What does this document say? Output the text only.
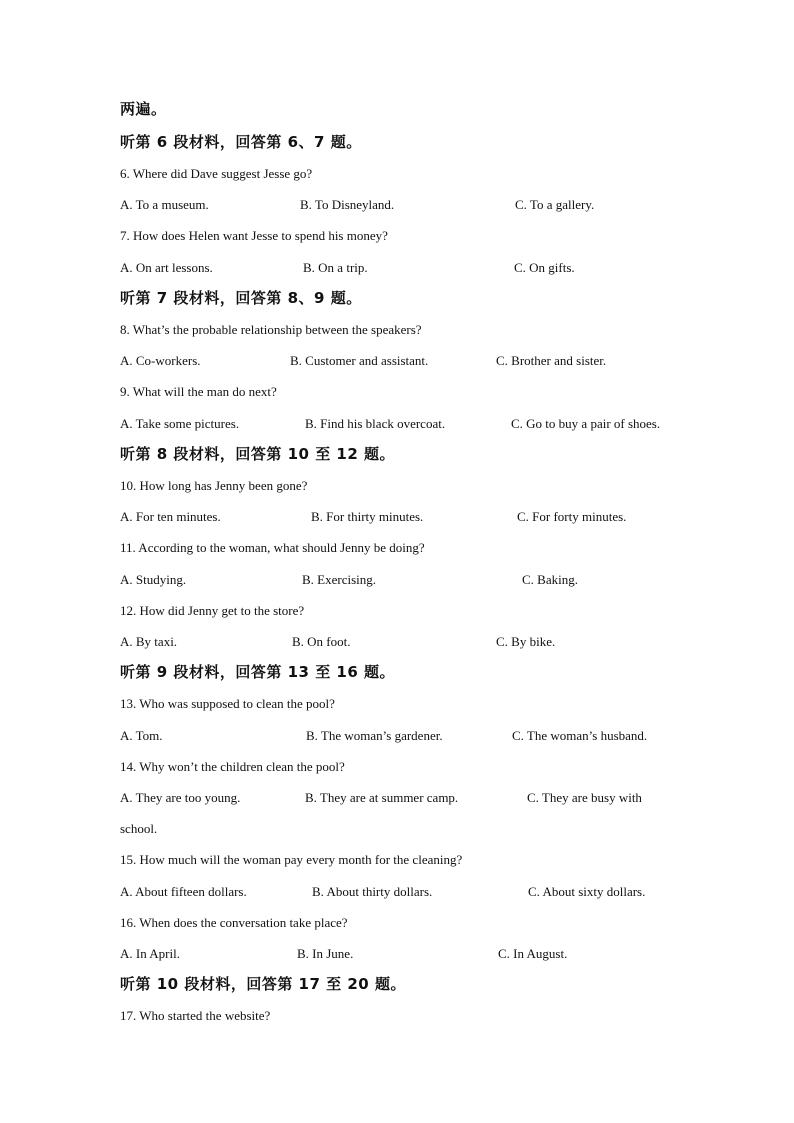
两遍。
听第 6 段材料，回答第 6、7 题。
6. Where did Dave suggest Jesse go?
A. To a museum.	B. To Disneyland.	C. To a gallery.
7. How does Helen want Jesse to spend his money?
A. On art lessons.	B. On a trip.	C. On gifts.
听第 7 段材料，回答第 8、9 题。
8. What’s the probable relationship between the speakers?
A. Co-workers.	B. Customer and assistant.	C. Brother and sister.
9. What will the man do next?
A. Take some pictures.	B. Find his black overcoat.	C. Go to buy a pair of shoes.
听第 8 段材料，回答第 10 至 12 题。
10. How long has Jenny been gone?
A. For ten minutes.	B. For thirty minutes.	C. For forty minutes.
11. According to the woman, what should Jenny be doing?
A. Studying.	B. Exercising.	C. Baking.
12. How did Jenny get to the store?
A. By taxi.	B. On foot.	C. By bike.
听第 9 段材料，回答第 13 至 16 题。
13. Who was supposed to clean the pool?
A. Tom.	B. The woman’s gardener.	C. The woman’s husband.
14. Why won’t the children clean the pool?
A. They are too young.	B. They are at summer camp.	C. They are busy with
school.
15. How much will the woman pay every month for the cleaning?
A. About fifteen dollars.	B. About thirty dollars.	C. About sixty dollars.
16. When does the conversation take place?
A. In April.	B. In June.	C. In August.
听第 10 段材料，回答第 17 至 20 题。
17. Who started the website?
